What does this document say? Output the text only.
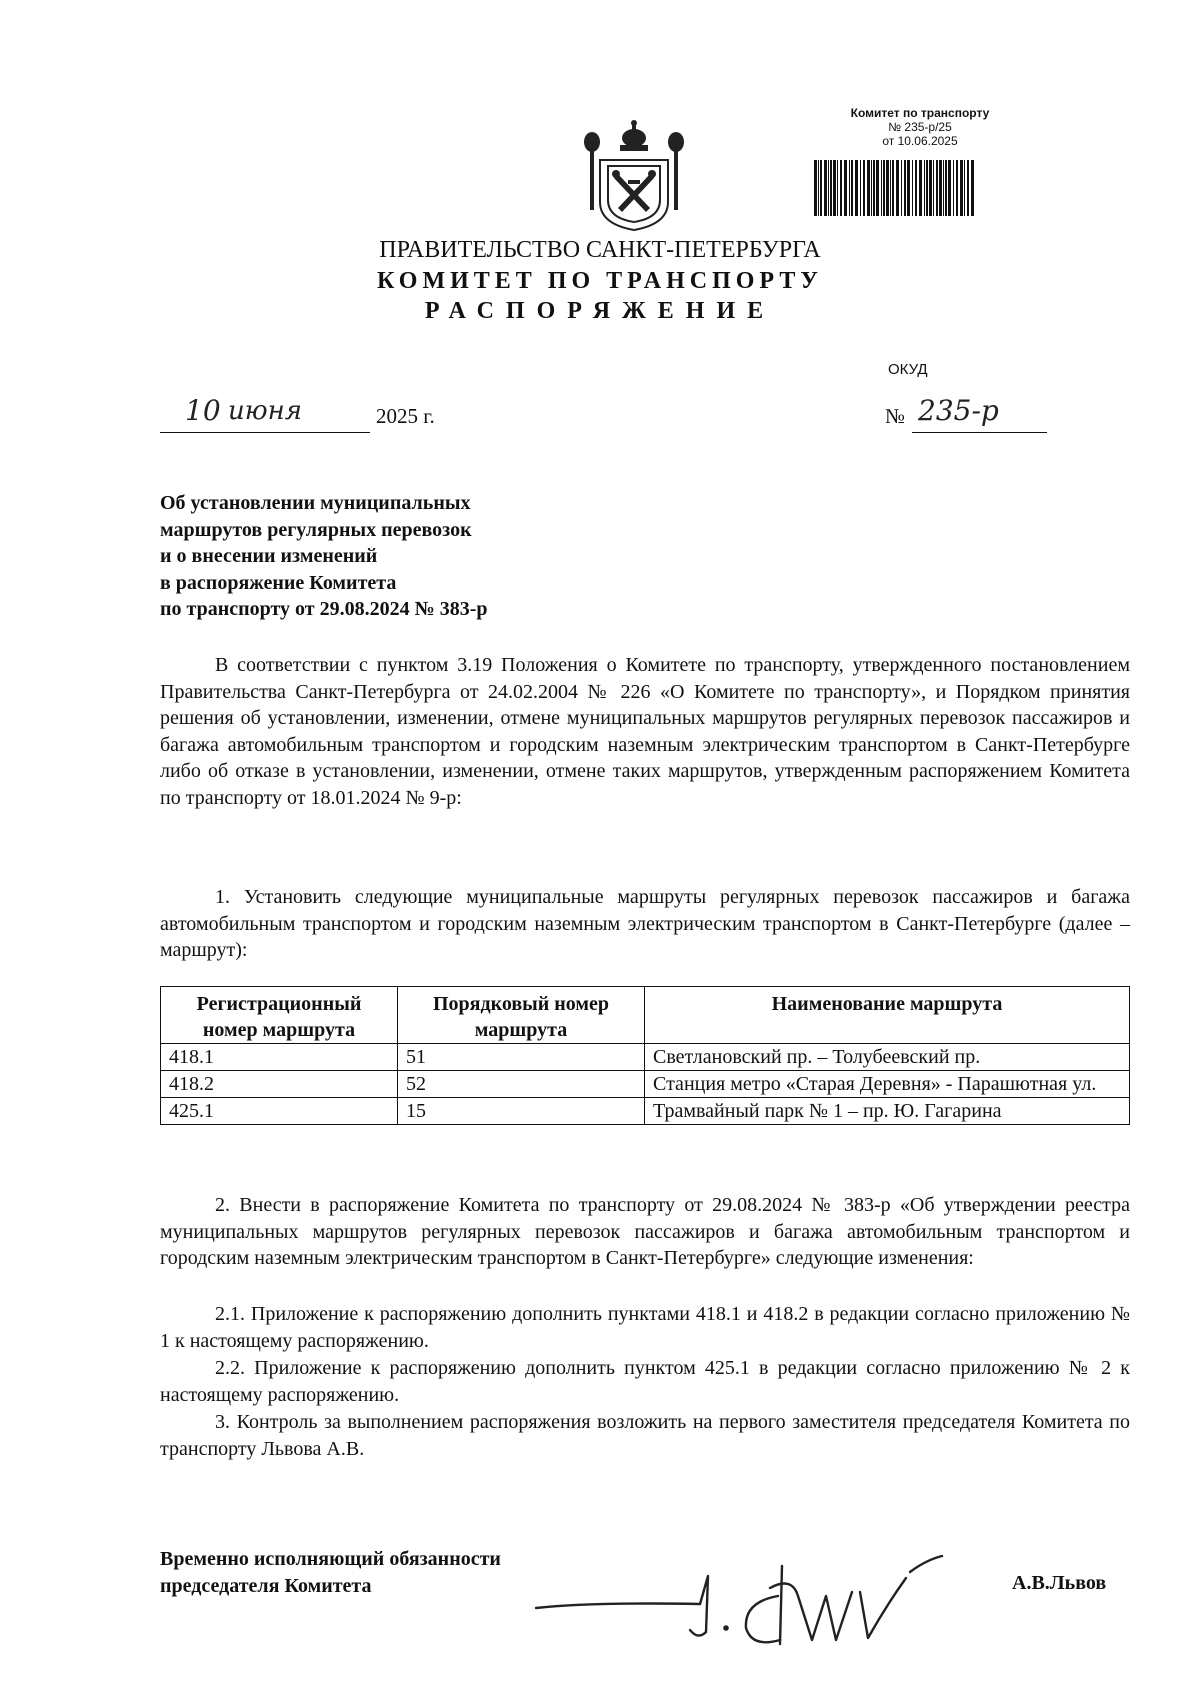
Комитет по транспорту
№ 235-р/25
от 10.06.2025
ПРАВИТЕЛЬСТВО САНКТ-ПЕТЕРБУРГА
КОМИТЕТ ПО ТРАНСПОРТУ
РАСПОРЯЖЕНИЕ
ОКУД
10 июня	2025 г.	№ 235-р
Об установлении муниципальных
маршрутов регулярных перевозок
и о внесении изменений
в распоряжение Комитета
по транспорту от 29.08.2024 № 383-р
В соответствии с пунктом 3.19 Положения о Комитете по транспорту, утвержденного постановлением Правительства Санкт-Петербурга от 24.02.2004 № 226 «О Комитете по транспорту», и Порядком принятия решения об установлении, изменении, отмене муниципальных маршрутов регулярных перевозок пассажиров и багажа автомобильным транспортом и городским наземным электрическим транспортом в Санкт-Петербурге либо об отказе в установлении, изменении, отмене таких маршрутов, утвержденным распоряжением Комитета по транспорту от 18.01.2024 № 9-р:
1. Установить следующие муниципальные маршруты регулярных перевозок пассажиров и багажа автомобильным транспортом и городским наземным электрическим транспортом в Санкт-Петербурге (далее – маршрут):
Регистрационный номер маршрута	Порядковый номер маршрута	Наименование маршрута
418.1	51	Светлановский пр. – Толубеевский пр.
418.2	52	Станция метро «Старая Деревня» - Парашютная ул.
425.1	15	Трамвайный парк № 1 – пр. Ю. Гагарина
2. Внести в распоряжение Комитета по транспорту от 29.08.2024 № 383-р «Об утверждении реестра муниципальных маршрутов регулярных перевозок пассажиров и багажа автомобильным транспортом и городским наземным электрическим транспортом в Санкт-Петербурге» следующие изменения:
2.1. Приложение к распоряжению дополнить пунктами 418.1 и 418.2 в редакции согласно приложению № 1 к настоящему распоряжению.
2.2. Приложение к распоряжению дополнить пунктом 425.1 в редакции согласно приложению № 2 к настоящему распоряжению.
3. Контроль за выполнением распоряжения возложить на первого заместителя председателя Комитета по транспорту Львова А.В.
Временно исполняющий обязанности
председателя Комитета	А.В.Львов
